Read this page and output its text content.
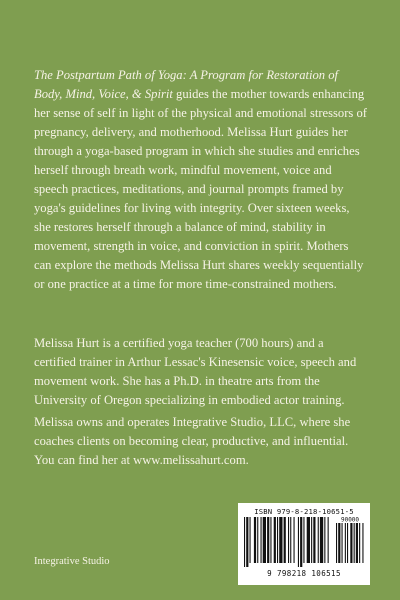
The Postpartum Path of Yoga: A Program for Restoration of Body, Mind, Voice, & Spirit guides the mother towards enhancing her sense of self in light of the physical and emotional stressors of pregnancy, delivery, and motherhood. Melissa Hurt guides her through a yoga-based program in which she studies and enriches herself through breath work, mindful movement, voice and speech practices, meditations, and journal prompts framed by yoga's guidelines for living with integrity. Over sixteen weeks, she restores herself through a balance of mind, stability in movement, strength in voice, and conviction in spirit. Mothers can explore the methods Melissa Hurt shares weekly sequentially or one practice at a time for more time-constrained mothers.

Melissa Hurt is a certified yoga teacher (700 hours) and a certified trainer in Arthur Lessac's Kinesensic voice, speech and movement work. She has a Ph.D. in theatre arts from the University of Oregon specializing in embodied actor training.

Melissa owns and operates Integrative Studio, LLC, where she coaches clients on becoming clear, productive, and influential. You can find her at www.melissahurt.com.

Integrative Studio
ISBN 979-8-218-10651-5
90000
9 798218 106515
